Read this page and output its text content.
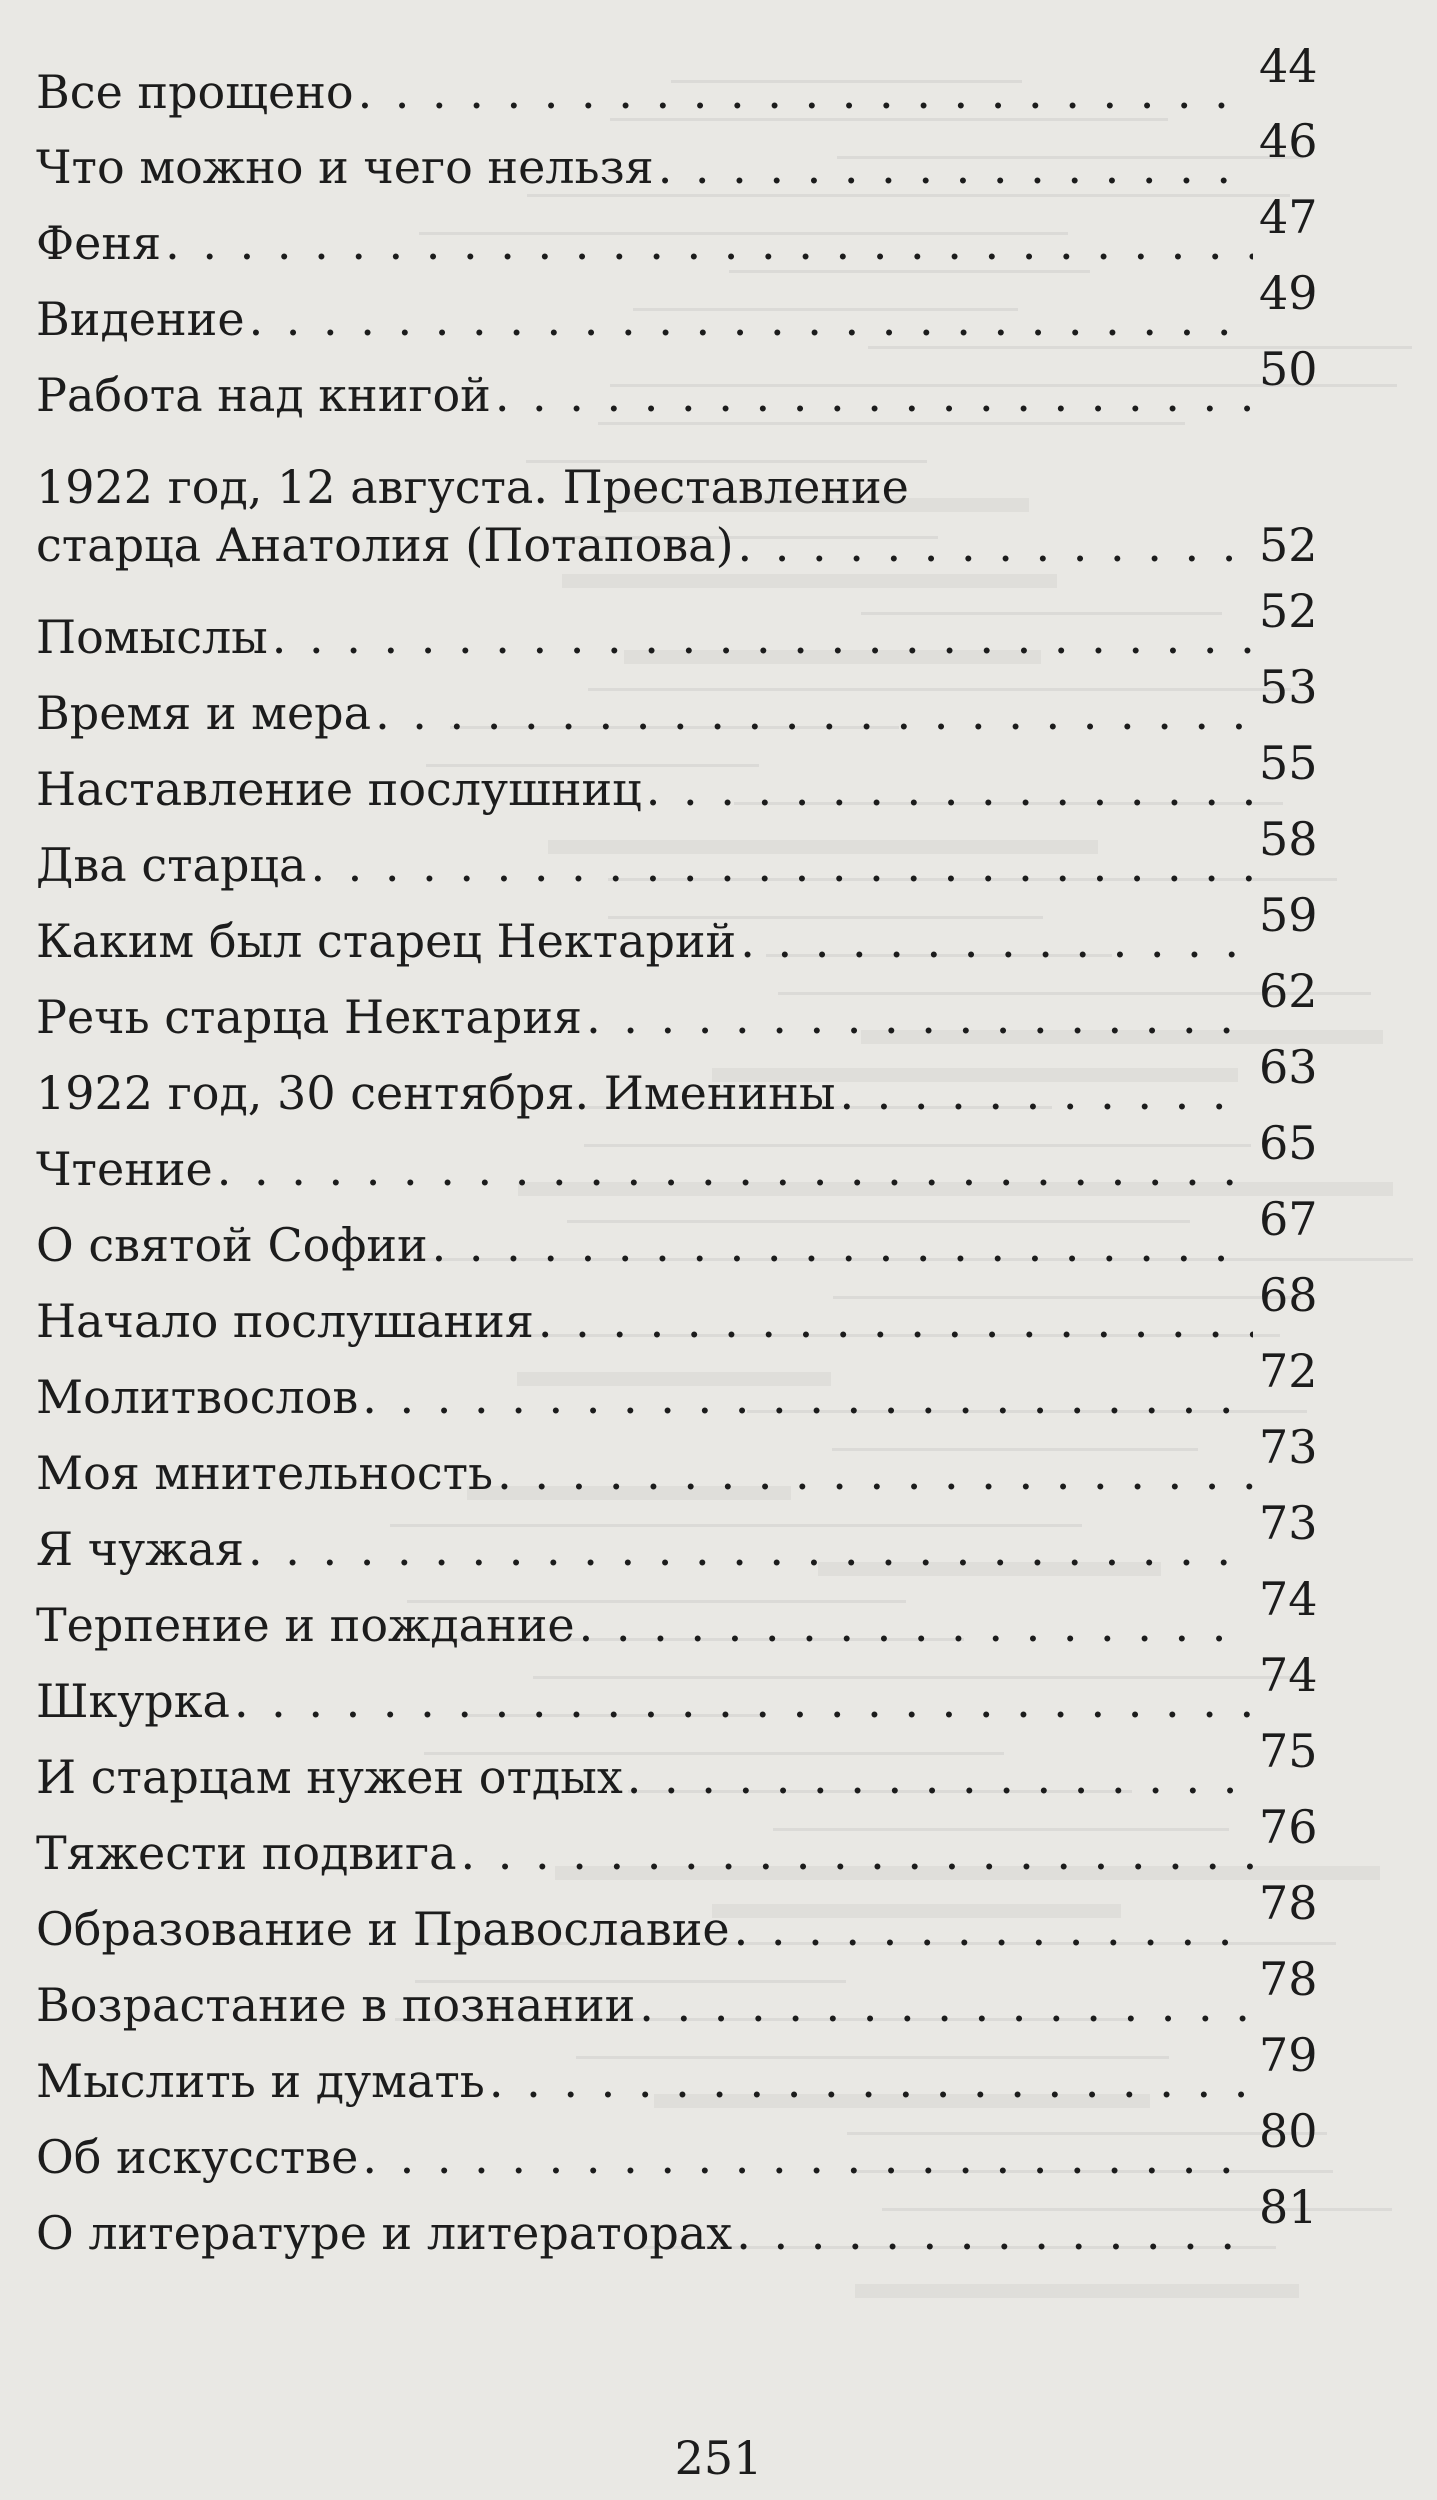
Все прощено . . .	44
Что можно и чего нельзя . . .	46
Феня . . .	47
Видение . . .	49
Работа над книгой . . .	50
1922 год, 12 августа. Преставление
старца Анатолия (Потапова) . . .	52
Помыслы . . .	52
Время и мера . . .	53
Наставление послушниц . . .	55
Два старца . . .	58
Каким был старец Нектарий . . .	59
Речь старца Нектария . . .	62
1922 год, 30 сентября. Именины . . .	63
Чтение . . .	65
О святой Софии . . .	67
Начало послушания . . .	68
Молитвослов . . .	72
Моя мнительность . . .	73
Я чужая . . .	73
Терпение и пождание . . .	74
Шкурка . . .	74
И старцам нужен отдых . . .	75
Тяжести подвига . . .	76
Образование и Православие . . .	78
Возрастание в познании . . .	78
Мыслить и думать . . .	79
Об искусстве . . .	80
О литературе и литераторах . . .	81
251
